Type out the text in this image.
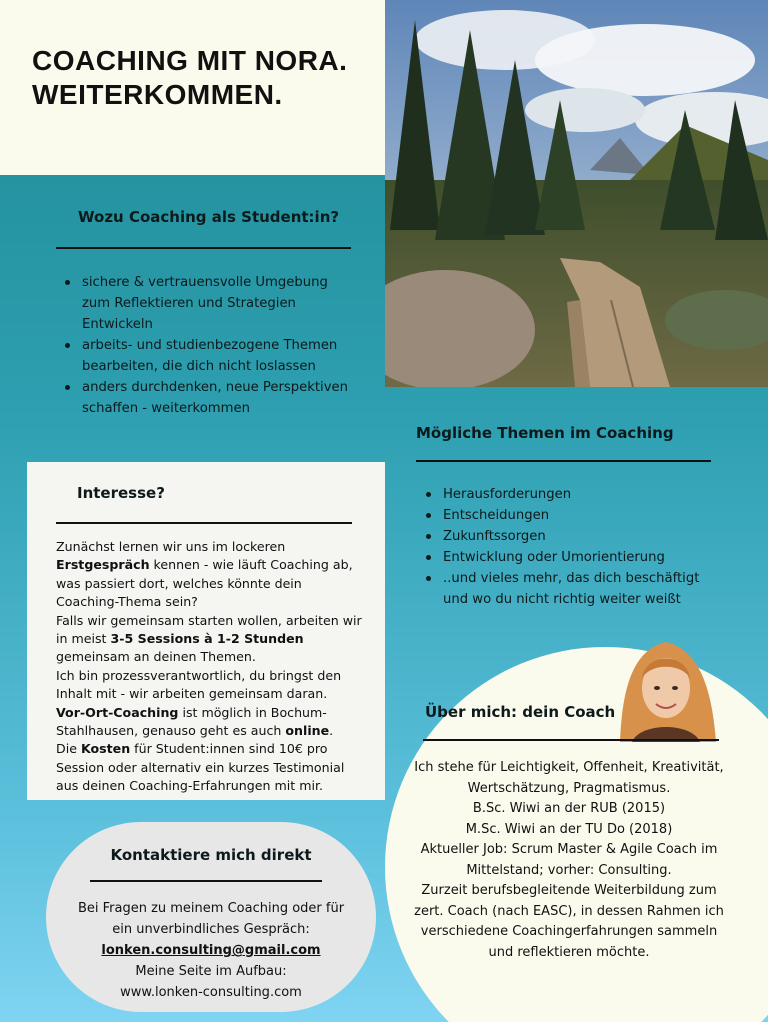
COACHING MIT NORA.
WEITERKOMMEN.
Wozu Coaching als Student:in?
sichere & vertrauensvolle Umgebung zum Reflektieren und Strategien Entwickeln
arbeits- und studienbezogene Themen bearbeiten, die dich nicht loslassen
anders durchdenken, neue Perspektiven schaffen - weiterkommen
Mögliche Themen im Coaching
Herausforderungen
Entscheidungen
Zukunftssorgen
Entwicklung oder Umorientierung
..und vieles mehr, das dich beschäftigt und wo du nicht richtig weiter weißt
Interesse?

Zunächst lernen wir uns im lockeren Erstgespräch kennen - wie läuft Coaching ab, was passiert dort, welches könnte dein Coaching-Thema sein?

Falls wir gemeinsam starten wollen, arbeiten wir in meist 3-5 Sessions à 1-2 Stunden gemeinsam an deinen Themen.

Ich bin prozessverantwortlich, du bringst den Inhalt mit - wir arbeiten gemeinsam daran.

Vor-Ort-Coaching ist möglich in Bochum-Stahlhausen, genauso geht es auch online.

Die Kosten für Student:innen sind 10€ pro Session oder alternativ ein kurzes Testimonial aus deinen Coaching-Erfahrungen mit mir.

Kontaktiere mich direkt
Bei Fragen zu meinem Coaching oder für ein unverbindliches Gespräch:
lonken.consulting@gmail.com
Meine Seite im Aufbau:
www.lonken-consulting.com
Über mich: dein Coach
Ich stehe für Leichtigkeit, Offenheit, Kreativität, Wertschätzung, Pragmatismus.
B.Sc. Wiwi an der RUB (2015)
M.Sc. Wiwi an der TU Do (2018)
Aktueller Job: Scrum Master & Agile Coach im Mittelstand; vorher: Consulting.
Zurzeit berufsbegleitende Weiterbildung zum zert. Coach (nach EASC), in dessen Rahmen ich verschiedene Coachingerfahrungen sammeln und reflektieren möchte.
